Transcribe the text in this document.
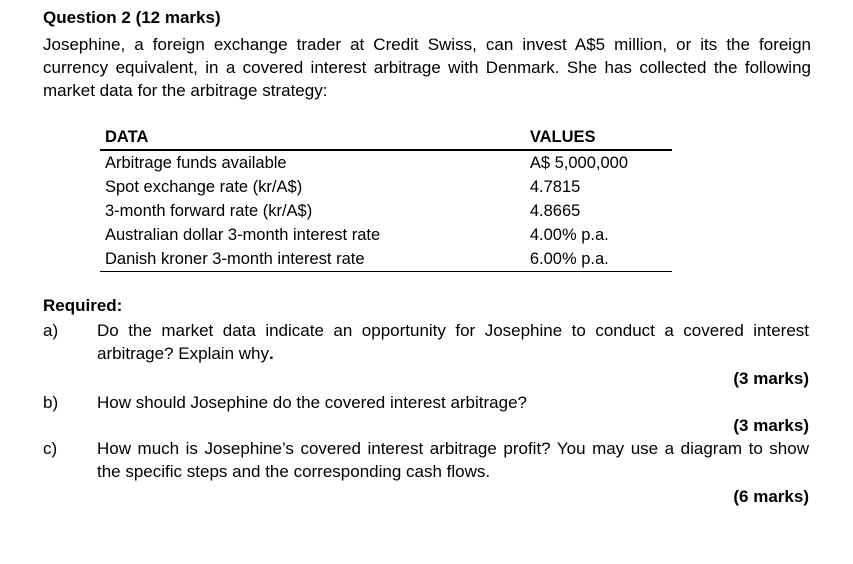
Question 2 (12 marks)
Josephine, a foreign exchange trader at Credit Swiss, can invest A$5 million, or its the foreign currency equivalent, in a covered interest arbitrage with Denmark. She has collected the following market data for the arbitrage strategy:
DATA	VALUES
Arbitrage funds available	A$ 5,000,000
Spot exchange rate (kr/A$)	4.7815
3-month forward rate (kr/A$)	4.8665
Australian dollar 3-month interest rate	4.00% p.a.
Danish kroner 3-month interest rate	6.00% p.a.
Required:
a) Do the market data indicate an opportunity for Josephine to conduct a covered interest arbitrage? Explain why.
(3 marks)
b) How should Josephine do the covered interest arbitrage?
(3 marks)
c) How much is Josephine’s covered interest arbitrage profit? You may use a diagram to show the specific steps and the corresponding cash flows.
(6 marks)
